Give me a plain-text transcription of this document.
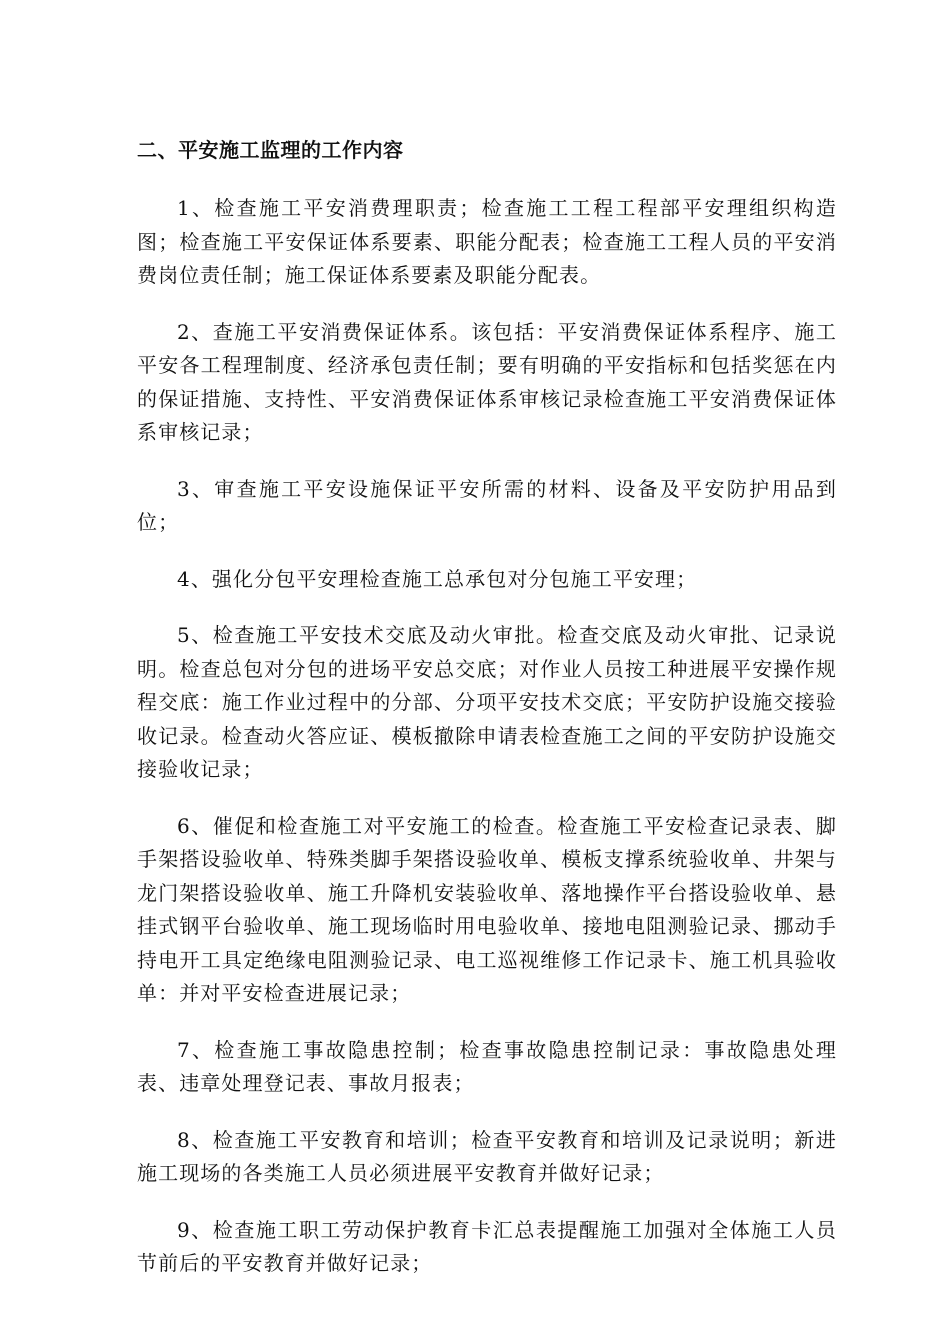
二、平安施工监理的工作内容

1、检查施工平安消费理职责；检查施工工程工程部平安理组织构造图；检查施工平安保证体系要素、职能分配表；检查施工工程人员的平安消费岗位责任制；施工保证体系要素及职能分配表。

2、查施工平安消费保证体系。该包括：平安消费保证体系程序、施工平安各工程理制度、经济承包责任制；要有明确的平安指标和包括奖惩在内的保证措施、支持性、平安消费保证体系审核记录检查施工平安消费保证体系审核记录；

3、审查施工平安设施保证平安所需的材料、设备及平安防护用品到位；

4、强化分包平安理检查施工总承包对分包施工平安理；

5、检查施工平安技术交底及动火审批。检查交底及动火审批、记录说明。检查总包对分包的进场平安总交底；对作业人员按工种进展平安操作规程交底：施工作业过程中的分部、分项平安技术交底；平安防护设施交接验收记录。检查动火答应证、模板撤除申请表检查施工之间的平安防护设施交接验收记录；

6、催促和检查施工对平安施工的检查。检查施工平安检查记录表、脚手架搭设验收单、特殊类脚手架搭设验收单、模板支撑系统验收单、井架与龙门架搭设验收单、施工升降机安装验收单、落地操作平台搭设验收单、悬挂式钢平台验收单、施工现场临时用电验收单、接地电阻测验记录、挪动手持电开工具定绝缘电阻测验记录、电工巡视维修工作记录卡、施工机具验收单：并对平安检查进展记录；

7、检查施工事故隐患控制；检查事故隐患控制记录：事故隐患处理表、违章处理登记表、事故月报表；

8、检查施工平安教育和培训；检查平安教育和培训及记录说明；新进施工现场的各类施工人员必须进展平安教育并做好记录；

9、检查施工职工劳动保护教育卡汇总表提醒施工加强对全体施工人员节前后的平安教育并做好记录；
